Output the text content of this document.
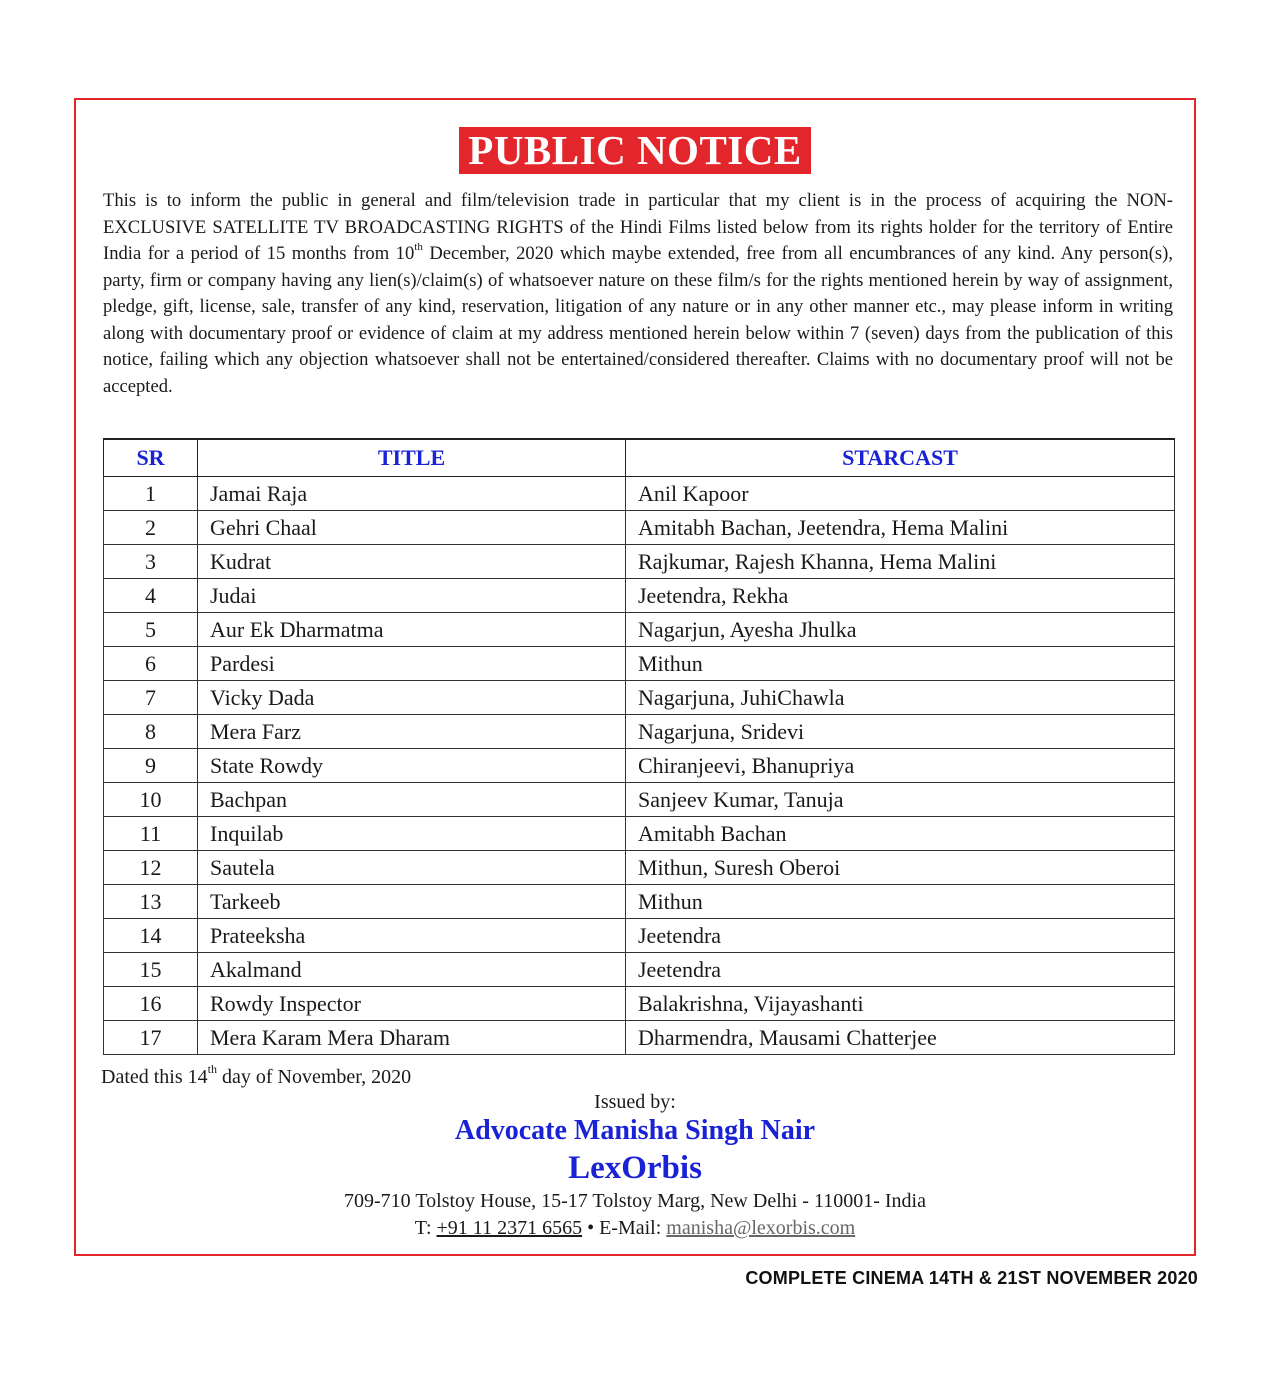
PUBLIC NOTICE

This is to inform the public in general and film/television trade in particular that my client is in the process of acquiring the NON-EXCLUSIVE SATELLITE TV BROADCASTING RIGHTS of the Hindi Films listed below from its rights holder for the territory of Entire India for a period of 15 months from 10th December, 2020 which maybe extended, free from all encumbrances of any kind. Any person(s), party, firm or company having any lien(s)/claim(s) of whatsoever nature on these film/s for the rights mentioned herein by way of assignment, pledge, gift, license, sale, transfer of any kind, reservation, litigation of any nature or in any other manner etc., may please inform in writing along with documentary proof or evidence of claim at my address mentioned herein below within 7 (seven) days from the publication of this notice, failing which any objection whatsoever shall not be entertained/considered thereafter. Claims with no documentary proof will not be accepted.

SR	TITLE	STARCAST
1	Jamai Raja	Anil Kapoor
2	Gehri Chaal	Amitabh Bachan, Jeetendra, Hema Malini
3	Kudrat	Rajkumar, Rajesh Khanna, Hema Malini
4	Judai	Jeetendra, Rekha
5	Aur Ek Dharmatma	Nagarjun, Ayesha Jhulka
6	Pardesi	Mithun
7	Vicky Dada	Nagarjuna, JuhiChawla
8	Mera Farz	Nagarjuna, Sridevi
9	State Rowdy	Chiranjeevi, Bhanupriya
10	Bachpan	Sanjeev Kumar, Tanuja
11	Inquilab	Amitabh Bachan
12	Sautela	Mithun, Suresh Oberoi
13	Tarkeeb	Mithun
14	Prateeksha	Jeetendra
15	Akalmand	Jeetendra
16	Rowdy Inspector	Balakrishna, Vijayashanti
17	Mera Karam Mera Dharam	Dharmendra, Mausami Chatterjee
Dated this 14th day of November, 2020
Issued by:
Advocate Manisha Singh Nair
LexOrbis
709-710 Tolstoy House, 15-17 Tolstoy Marg, New Delhi - 110001- India
T: +91 11 2371 6565 • E-Mail: manisha@lexorbis.com
COMPLETE CINEMA 14TH & 21ST NOVEMBER 2020
